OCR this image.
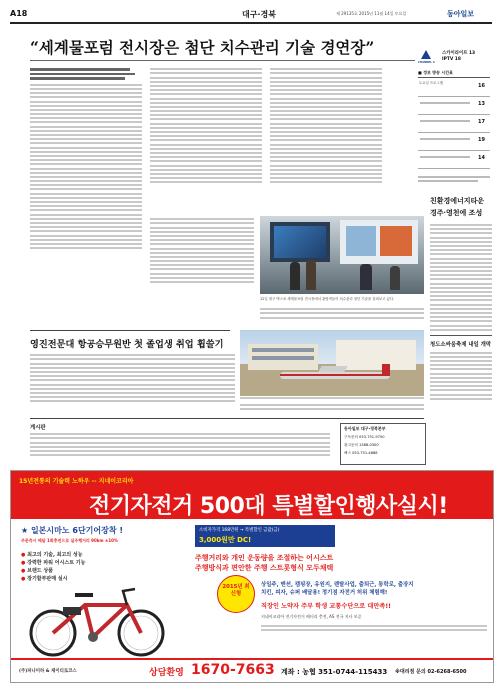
A18	대구·경북	제 29135호 2015년 11월 14일 토요일	동아일보
“세계물포럼 전시장은 첨단 치수관리 기술 경연장”
CHANNEL A
스카이라이프 13
IPTV 18
■ 정보 방송 시간표
토요일 프로그램	16
13
17
19
14
12일 대구 엑스코 세계물포럼 전시장에서 관람객들이 치수관리 첨단 기술을 살펴보고 있다.
친환경에너지타운
경주·영천에 조성
청도소싸움축제 내일 개막
영진전문대 항공승무원반 첫 졸업생 취업 휩쓸기
게시판	동아일보 대구·경북본부
구독문의 053-751-9700
광고문의 1588-0300
팩스 053-751-4888
15년전통의 기술력 노하우 -- 지네이코리아
전기자전거 500대 특별할인행사실시!
★ 일본시마노 6단기어장착 !
주문즉시 배달 1회충전으로 실주행거리 90km ±10%
● 최고의 기술, 최고의 성능
● 강력한 파워 어시스트 기능
● 브랜드 상품
● 장기할부판매 실시
소비자가격 168만원 → 특별할인 금값(금)
3,000원만 DC!
주행거리와 개인 운동량을 조절하는 어시스트
주행방식과 편안한 주행 스트롯형식 모두채택
2015년 최신형
상일주, 맨션, 캠핑장, 유원지, 렌탈사업, 출퇴근, 통학로, 출장지
치킨, 피자, 슈퍼 배달용! 정기점 자전거 허위 체험해!
직장인 노약자 주부 학생 교통수단으로 대만족!!
지네이코리아 전기자전거 배터리 충전, AS 전국 지사 보증
(주)파나미하 & 제이티로코스	상담환영 1670-7663 계좌 : 농협 351-0744-115433 ※대리점 문의 02-6268-6500
